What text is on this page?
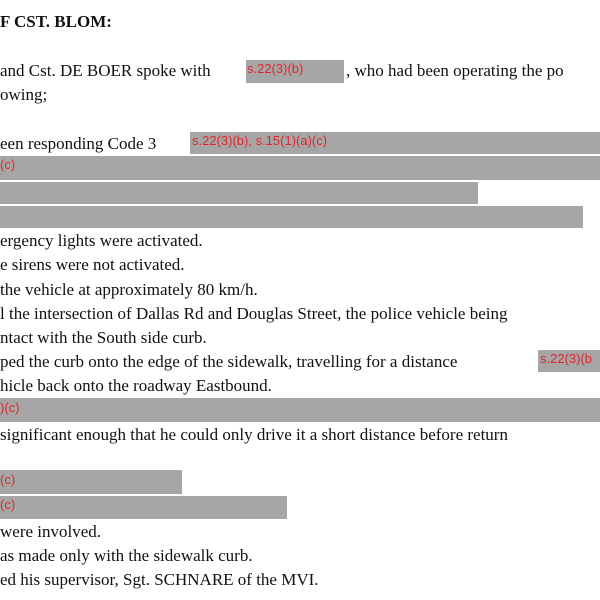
F CST. BLOM:
and Cst. DE BOER spoke with	s.22(3)(b)	, who had been operating the po
owing;
een responding Code 3	s.22(3)(b), s.15(1)(a)(c)
(c)
ergency lights were activated.
e sirens were not activated.
the vehicle at approximately 80 km/h.
l the intersection of Dallas Rd and Douglas Street, the police vehicle being
ntact with the South side curb.
ped the curb onto the edge of the sidewalk, travelling for a distance	s.22(3)(b
hicle back onto the roadway Eastbound.
)(c)
significant enough that he could only drive it a short distance before return
(c)
(c)
were involved.
as made only with the sidewalk curb.
ed his supervisor, Sgt. SCHNARE of the MVI.
